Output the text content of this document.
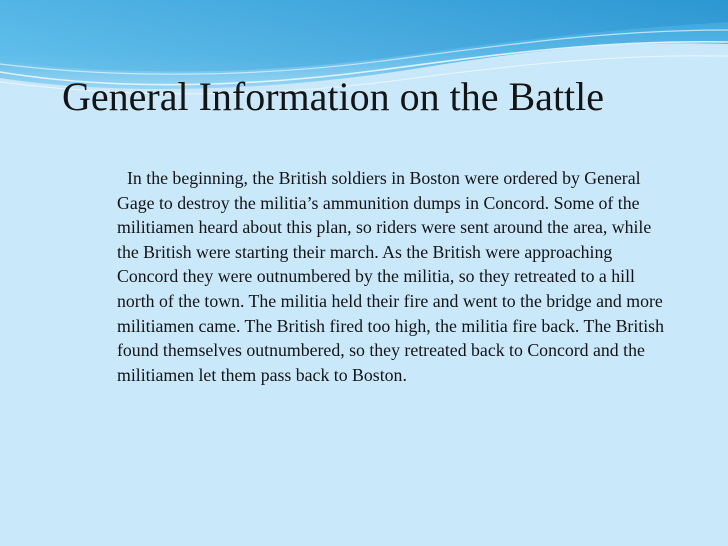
General Information on the Battle

In the beginning, the British soldiers in Boston were ordered by General Gage to destroy the militia’s ammunition dumps in Concord. Some of the militiamen heard about this plan, so riders were sent around the area, while the British were starting their march. As the British were approaching Concord they were outnumbered by the militia, so they retreated to a hill north of the town. The militia held their fire and went to the bridge and more militiamen came. The British fired too high, the militia fire back. The British found themselves outnumbered, so they retreated back to Concord and the militiamen let them pass back to Boston.
